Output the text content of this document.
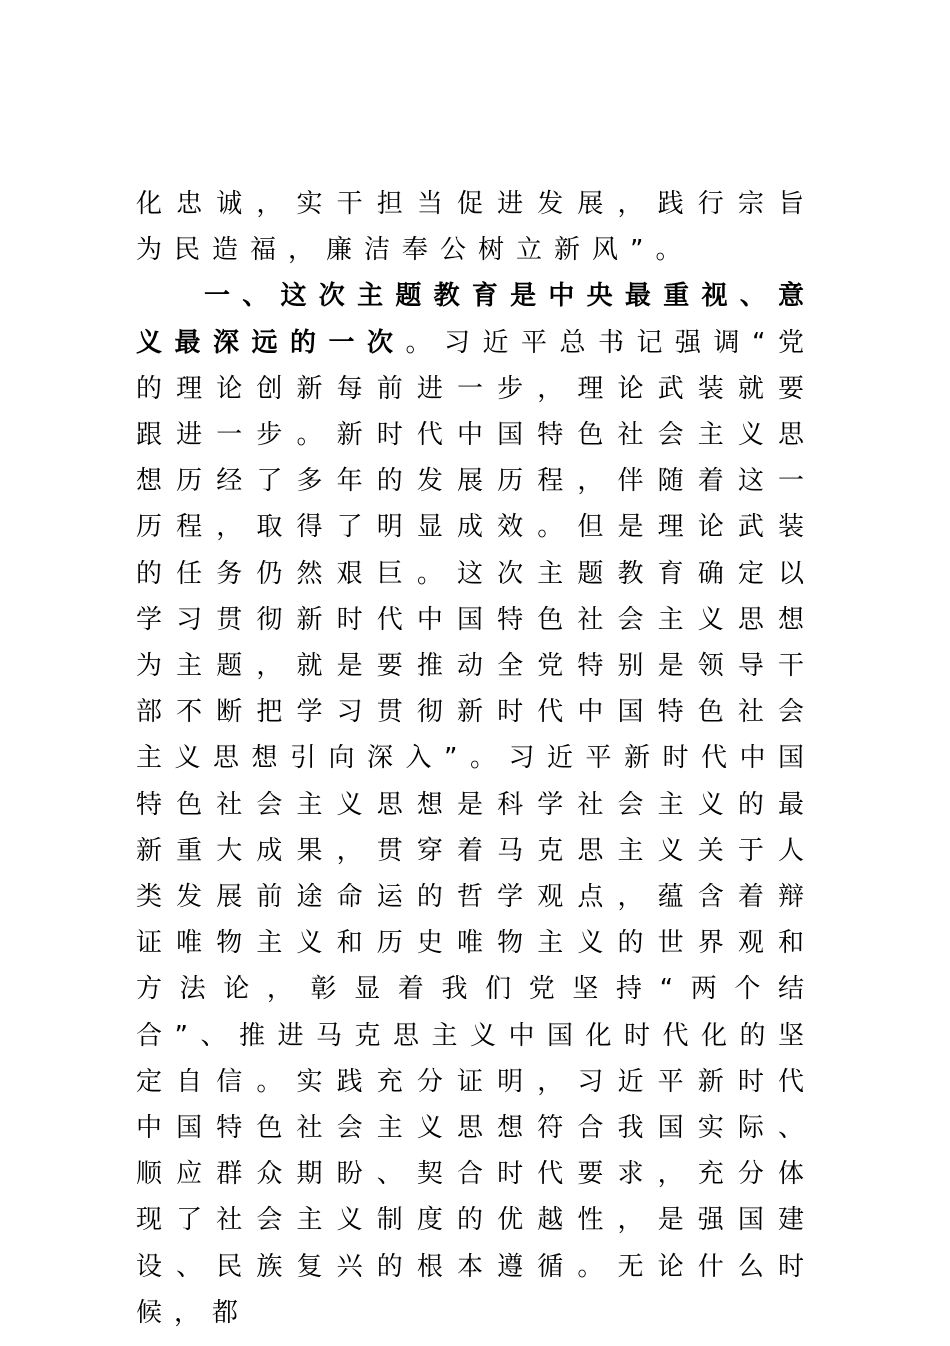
化忠诚，实干担当促进发展，践行宗旨为民造福，廉洁奉公树立新风”。

一、这次主题教育是中央最重视、意义最深远的一次。习近平总书记强调“党的理论创新每前进一步，理论武装就要跟进一步。新时代中国特色社会主义思想历经了多年的发展历程，伴随着这一历程，取得了明显成效。但是理论武装的任务仍然艰巨。这次主题教育确定以学习贯彻新时代中国特色社会主义思想为主题，就是要推动全党特别是领导干部不断把学习贯彻新时代中国特色社会主义思想引向深入”。习近平新时代中国特色社会主义思想是科学社会主义的最新重大成果，贯穿着马克思主义关于人类发展前途命运的哲学观点，蕴含着辩证唯物主义和历史唯物主义的世界观和方法论，彰显着我们党坚持“两个结合”、推进马克思主义中国化时代化的坚定自信。实践充分证明，习近平新时代中国特色社会主义思想符合我国实际、顺应群众期盼、契合时代要求，充分体现了社会主义制度的优越性，是强国建设、民族复兴的根本遵循。无论什么时候，都
